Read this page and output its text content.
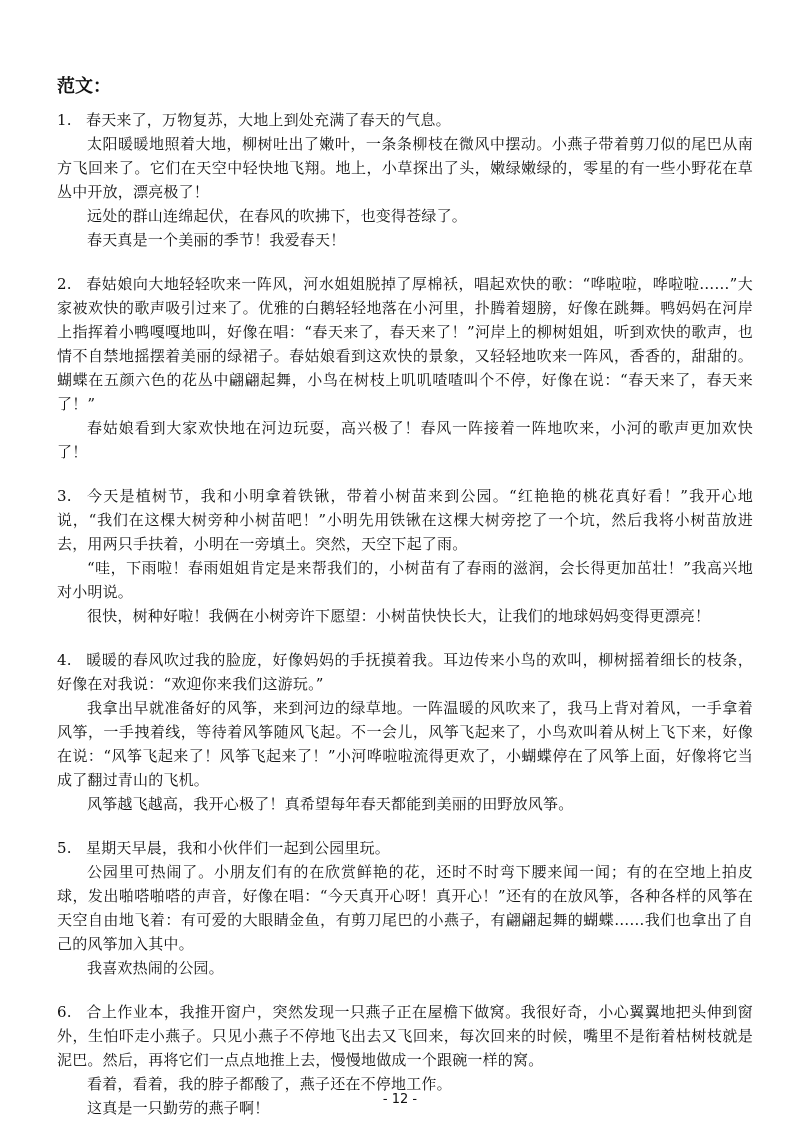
范文：

1. 春天来了，万物复苏，大地上到处充满了春天的气息。

太阳暖暖地照着大地，柳树吐出了嫩叶，一条条柳枝在微风中摆动。小燕子带着剪刀似的尾巴从南方飞回来了。它们在天空中轻快地飞翔。地上，小草探出了头，嫩绿嫩绿的，零星的有一些小野花在草丛中开放，漂亮极了！

远处的群山连绵起伏，在春风的吹拂下，也变得苍绿了。

春天真是一个美丽的季节！我爱春天！

2. 春姑娘向大地轻轻吹来一阵风，河水姐姐脱掉了厚棉袄，唱起欢快的歌：“哗啦啦，哗啦啦……”大家被欢快的歌声吸引过来了。优雅的白鹅轻轻地落在小河里，扑腾着翅膀，好像在跳舞。鸭妈妈在河岸上指挥着小鸭嘎嘎地叫，好像在唱：“春天来了，春天来了！”河岸上的柳树姐姐，听到欢快的歌声，也情不自禁地摇摆着美丽的绿裙子。春姑娘看到这欢快的景象，又轻轻地吹来一阵风，香香的，甜甜的。蝴蝶在五颜六色的花丛中翩翩起舞，小鸟在树枝上叽叽喳喳叫个不停，好像在说：“春天来了，春天来了！”

春姑娘看到大家欢快地在河边玩耍，高兴极了！春风一阵接着一阵地吹来，小河的歌声更加欢快了！

3. 今天是植树节，我和小明拿着铁锹，带着小树苗来到公园。“红艳艳的桃花真好看！”我开心地说，“我们在这棵大树旁种小树苗吧！”小明先用铁锹在这棵大树旁挖了一个坑，然后我将小树苗放进去，用两只手扶着，小明在一旁填土。突然，天空下起了雨。

“哇，下雨啦！春雨姐姐肯定是来帮我们的，小树苗有了春雨的滋润，会长得更加茁壮！”我高兴地对小明说。

很快，树种好啦！我俩在小树旁许下愿望：小树苗快快长大，让我们的地球妈妈变得更漂亮！

4. 暖暖的春风吹过我的脸庞，好像妈妈的手抚摸着我。耳边传来小鸟的欢叫，柳树摇着细长的枝条，好像在对我说：“欢迎你来我们这游玩。”

我拿出早就准备好的风筝，来到河边的绿草地。一阵温暖的风吹来了，我马上背对着风，一手拿着风筝，一手拽着线，等待着风筝随风飞起。不一会儿，风筝飞起来了，小鸟欢叫着从树上飞下来，好像在说：“风筝飞起来了！风筝飞起来了！”小河哗啦啦流得更欢了，小蝴蝶停在了风筝上面，好像将它当成了翻过青山的飞机。

风筝越飞越高，我开心极了！真希望每年春天都能到美丽的田野放风筝。

5. 星期天早晨，我和小伙伴们一起到公园里玩。

公园里可热闹了。小朋友们有的在欣赏鲜艳的花，还时不时弯下腰来闻一闻；有的在空地上拍皮球，发出啪嗒啪嗒的声音，好像在唱：“今天真开心呀！真开心！”还有的在放风筝，各种各样的风筝在天空自由地飞着：有可爱的大眼睛金鱼，有剪刀尾巴的小燕子，有翩翩起舞的蝴蝶……我们也拿出了自己的风筝加入其中。

我喜欢热闹的公园。

6. 合上作业本，我推开窗户，突然发现一只燕子正在屋檐下做窝。我很好奇，小心翼翼地把头伸到窗外，生怕吓走小燕子。只见小燕子不停地飞出去又飞回来，每次回来的时候，嘴里不是衔着枯树枝就是泥巴。然后，再将它们一点点地推上去，慢慢地做成一个跟碗一样的窝。

看着，看着，我的脖子都酸了，燕子还在不停地工作。

这真是一只勤劳的燕子啊！	- 12 -
